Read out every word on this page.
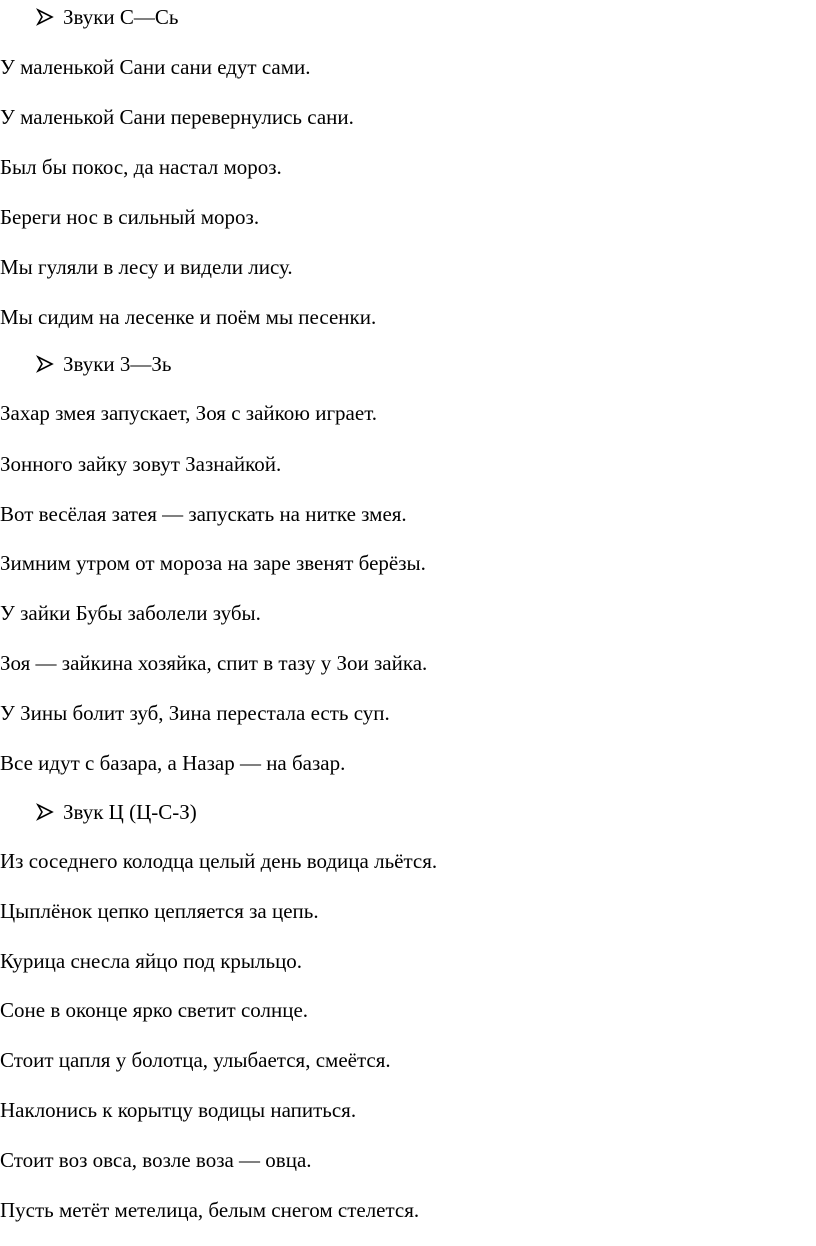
Звуки С—Сь
У маленькой Сани сани едут сами.
У маленькой Сани перевернулись сани.
Был бы покос, да настал мороз.
Береги нос в сильный мороз.
Мы гуляли в лесу и видели лису.
Мы сидим на лесенке и поём мы песенки.
Звуки 3—Зь
Захар змея запускает, Зоя с зайкою играет.
Зонного зайку зовут Зазнайкой.
Вот весёлая затея — запускать на нитке змея.
Зимним утром от мороза на заре звенят берёзы.
У зайки Бубы заболели зубы.
Зоя — зайкина хозяйка, спит в тазу у Зои зайка.
У Зины болит зуб, Зина перестала есть суп.
Все идут с базара, а Назар — на базар.
Звук Ц (Ц-С-З)
Из соседнего колодца целый день водица льётся.
Цыплёнок цепко цепляется за цепь.
Курица снесла яйцо под крыльцо.
Соне в оконце ярко светит солнце.
Стоит цапля у болотца, улыбается, смеётся.
Наклонись к корытцу водицы напиться.
Стоит воз овса, возле воза — овца.
Пусть метёт метелица, белым снегом стелется.
